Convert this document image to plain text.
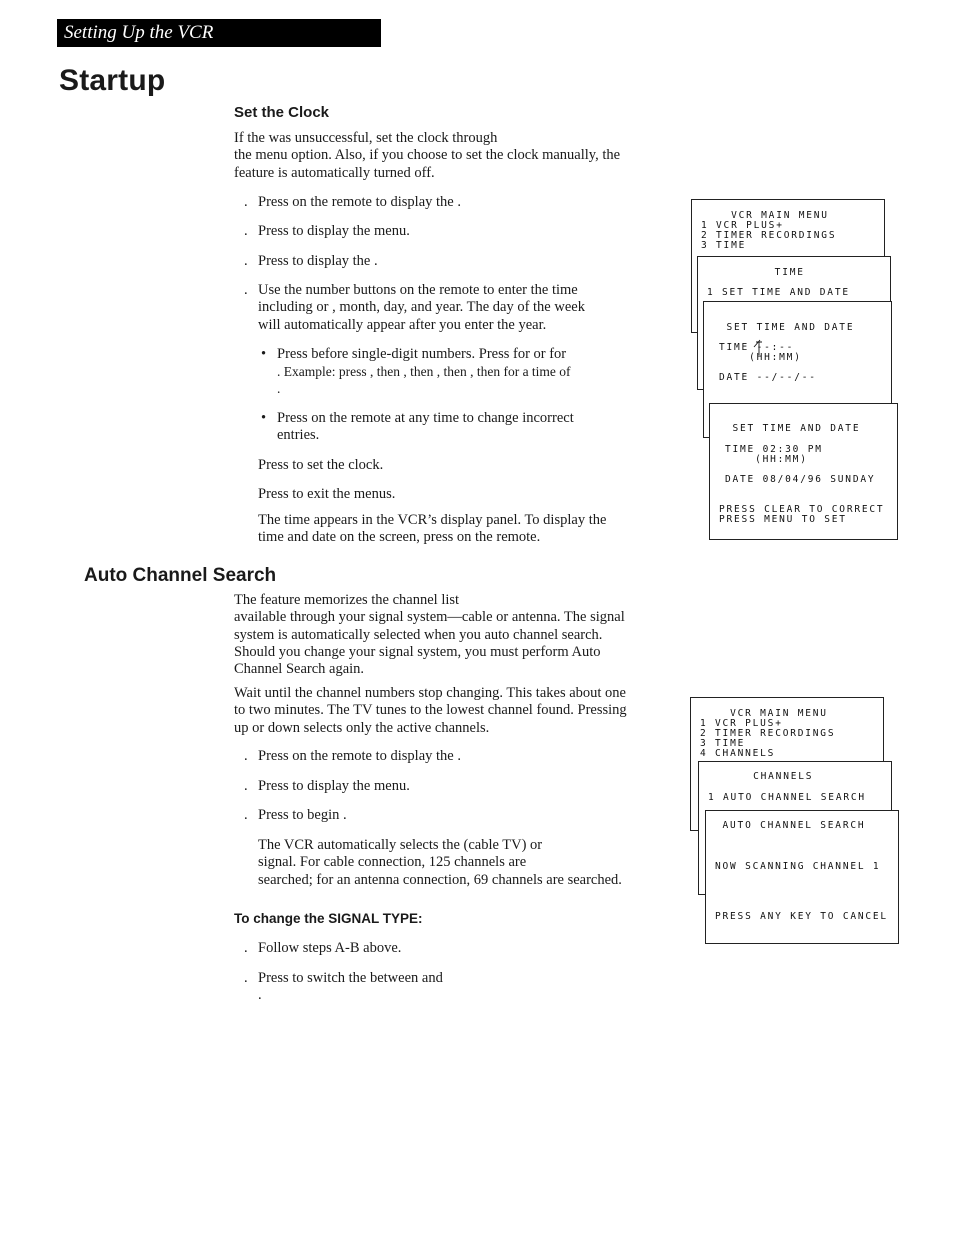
Setting Up the VCR
Startup
Set the Clock
If the was unsuccessful, set the clock through
the menu option. Also, if you choose to set the clock manually, the
feature is automatically turned off.
. Press on the remote to display the .
. Press to display the menu.
. Press to display the .
. Use the number buttons on the remote to enter the time
including or , month, day, and year. The day of the week
will automatically appear after you enter the year.
• Press before single-digit numbers. Press for or for
. Example: press , then , then , then , then for a time of
.
• Press on the remote at any time to change incorrect
entries.
Press to set the clock.
Press to exit the menus.
The time appears in the VCR’s display panel. To display the
time and date on the screen, press on the remote.
Auto Channel Search
The feature memorizes the channel list
available through your signal system—cable or antenna. The signal
system is automatically selected when you auto channel search.
Should you change your signal system, you must perform Auto
Channel Search again.
Wait until the channel numbers stop changing. This takes about one
to two minutes. The TV tunes to the lowest channel found. Pressing
up or down selects only the active channels.
. Press on the remote to display the .
. Press to display the menu.
. Press to begin .
The VCR automatically selects the (cable TV) or
signal. For cable connection, 125 channels are
searched; for an antenna connection, 69 channels are searched.
To change the SIGNAL TYPE:
. Follow steps A-B above.
. Press to switch the between and
.
VCR MAIN MENU
1 VCR PLUS+
2 TIMER RECORDINGS
3 TIME
TIME
1 SET TIME AND DATE
SET TIME AND DATE
TIME --:--
(HH:MM)
DATE --/--/--
SET TIME AND DATE
TIME 02:30 PM
(HH:MM)
DATE 08/04/96 SUNDAY
PRESS CLEAR TO CORRECT
PRESS MENU TO SET
VCR MAIN MENU
1 VCR PLUS+
2 TIMER RECORDINGS
3 TIME
4 CHANNELS
CHANNELS
1 AUTO CHANNEL SEARCH
AUTO CHANNEL SEARCH
NOW SCANNING CHANNEL 1
PRESS ANY KEY TO CANCEL
